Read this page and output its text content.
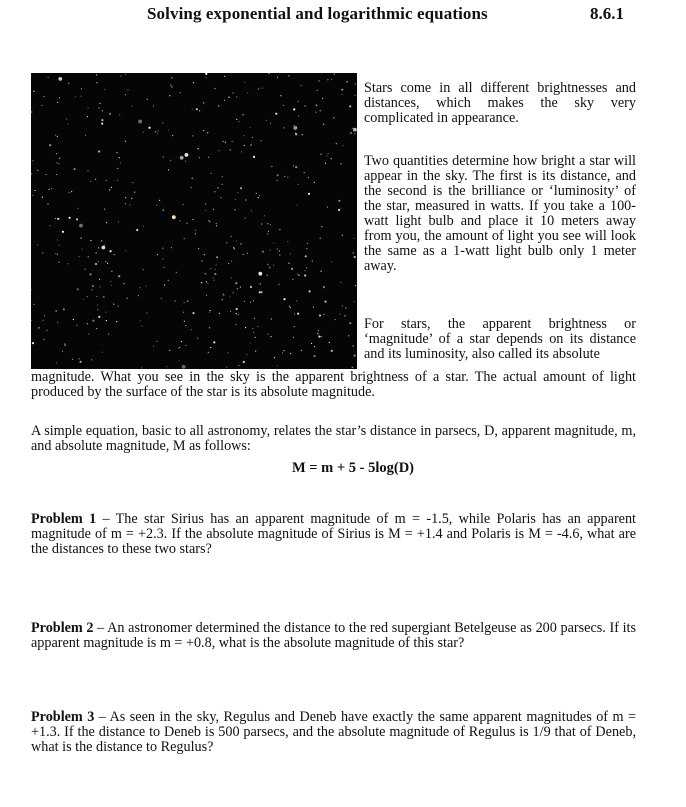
Solving exponential and logarithmic equations	8.6.1

Stars come in all different brightnesses and distances, which makes the sky very complicated in appearance.

Two quantities determine how bright a star will appear in the sky. The first is its distance, and the second is the brilliance or ‘luminosity’ of the star, measured in watts. If you take a 100-watt light bulb and place it 10 meters away from you, the amount of light you see will look the same as a 1-watt light bulb only 1 meter away.

For stars, the apparent brightness or ‘magnitude’ of a star depends on its distance and its luminosity, also called its absolute

magnitude. What you see in the sky is the apparent brightness of a star. The actual amount of light produced by the surface of the star is its absolute magnitude.

A simple equation, basic to all astronomy, relates the star’s distance in parsecs, D, apparent magnitude, m, and absolute magnitude, M as follows:

M = m + 5 - 5log(D)

Problem 1 – The star Sirius has an apparent magnitude of m = -1.5, while Polaris has an apparent magnitude of m = +2.3. If the absolute magnitude of Sirius is M = +1.4 and Polaris is M = -4.6, what are the distances to these two stars?

Problem 2 – An astronomer determined the distance to the red supergiant Betelgeuse as 200 parsecs. If its apparent magnitude is m = +0.8, what is the absolute magnitude of this star?

Problem 3 – As seen in the sky, Regulus and Deneb have exactly the same apparent magnitudes of m = +1.3. If the distance to Deneb is 500 parsecs, and the absolute magnitude of Regulus is 1/9 that of Deneb, what is the distance to Regulus?
